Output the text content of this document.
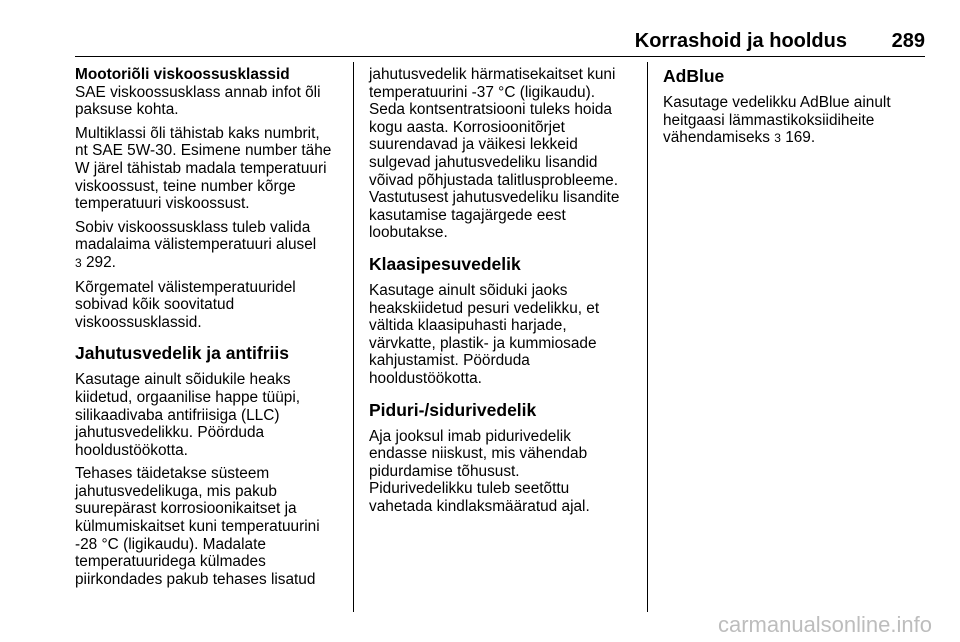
Korrashoid ja hooldus 289

Mootoriõli viskoossusklassid

SAE viskoossusklass annab infot õli
paksuse kohta.

Multiklassi õli tähistab kaks numbrit,
nt SAE 5W-30. Esimene number tähe
W järel tähistab madala temperatuuri
viskoossust, teine number kõrge
temperatuuri viskoossust.

Sobiv viskoossusklass tuleb valida
madalaima välistemperatuuri alusel
3 292.

Kõrgematel välistemperatuuridel
sobivad kõik soovitatud
viskoossusklassid.

Jahutusvedelik ja antifriis

Kasutage ainult sõidukile heaks
kiidetud, orgaanilise happe tüüpi,
silikaadivaba antifriisiga (LLC)
jahutusvedelikku. Pöörduda
hooldustöökotta.

Tehases täidetakse süsteem
jahutusvedelikuga, mis pakub
suurepärast korrosioonikaitset ja
külmumiskaitset kuni temperatuurini
-28 °C (ligikaudu). Madalate
temperatuuridega külmades
piirkondades pakub tehases lisatud

jahutusvedelik härmatisekaitset kuni
temperatuurini -37 °C (ligikaudu).
Seda kontsentratsiooni tuleks hoida
kogu aasta. Korrosioonitõrjet
suurendavad ja väikesi lekkeid
sulgevad jahutusvedeliku lisandid
võivad põhjustada talitlusprobleeme.
Vastutusest jahutusvedeliku lisandite
kasutamise tagajärgede eest
loobutakse.

Klaasipesuvedelik

Kasutage ainult sõiduki jaoks
heakskiidetud pesuri vedelikku, et
vältida klaasipuhasti harjade,
värvkatte, plastik- ja kummiosade
kahjustamist. Pöörduda
hooldustöökotta.

Piduri-/sidurivedelik

Aja jooksul imab pidurivedelik
endasse niiskust, mis vähendab
pidurdamise tõhusust.
Pidurivedelikku tuleb seetõttu
vahetada kindlaksmääratud ajal.

AdBlue

Kasutage vedelikku AdBlue ainult
heitgaasi lämmastikoksiidiheite
vähendamiseks 3 169.

carmanualsonline.info
